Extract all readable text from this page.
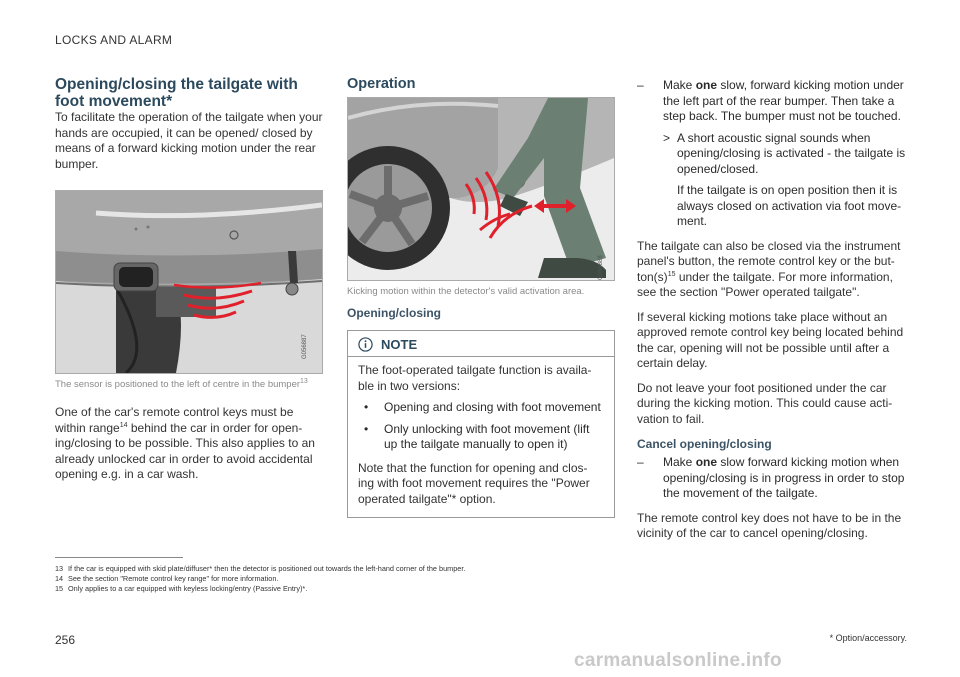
LOCKS AND ALARM
Opening/closing the tailgate with foot movement*

To facilitate the operation of the tailgate when your hands are occupied, it can be opened/ closed by means of a forward kicking motion under the rear bumper.

G056887
The sensor is positioned to the left of centre in the bumper$^{13}$

One of the car's remote control keys must be within range$^{14}$ behind the car in order for open- ing/closing to be possible. This also applies to an already unlocked car in order to avoid accidental opening e.g. in a car wash.

Operation
G056888
Kicking motion within the detector's valid activation area.
Opening/closing
NOTE

The foot-operated tailgate function is availa- ble in two versions:

•	Opening and closing with foot movement
•	Only unlocking with foot movement (lift up the tailgate manually to open it)

Note that the function for opening and clos- ing with foot movement requires the "Power operated tailgate"* option.

–	Make one slow, forward kicking motion under the left part of the rear bumper. Then take a step back. The bumper must not be touched.
> A short acoustic signal sounds when opening/closing is activated - the tailgate is opened/closed.
If the tailgate is on open position then it is always closed on activation via foot move- ment.

The tailgate can also be closed via the instrument panel's button, the remote control key or the but- $ton(s)^{15}$ under the tailgate. For more information, see the section "Power operated tailgate".

If several kicking motions take place without an approved remote control key being located behind the car, opening will not be possible until after a certain delay.

Do not leave your foot positioned under the car during the kicking motion. This could cause acti- vation to fail.

Cancel opening/closing
–	Make one slow forward kicking motion when opening/closing is in progress in order to stop the movement of the tailgate.

The remote control key does not have to be in the vicinity of the car to cancel opening/closing.

13 If the car is equipped with skid plate/diffuser* then the detector is positioned out towards the left-hand corner of the bumper.
14 See the section "Remote control key range" for more information.
15 Only applies to a car equipped with keyless locking/entry (Passive Entry)*.
256	* Option/accessory.
carmanualsonline.info
